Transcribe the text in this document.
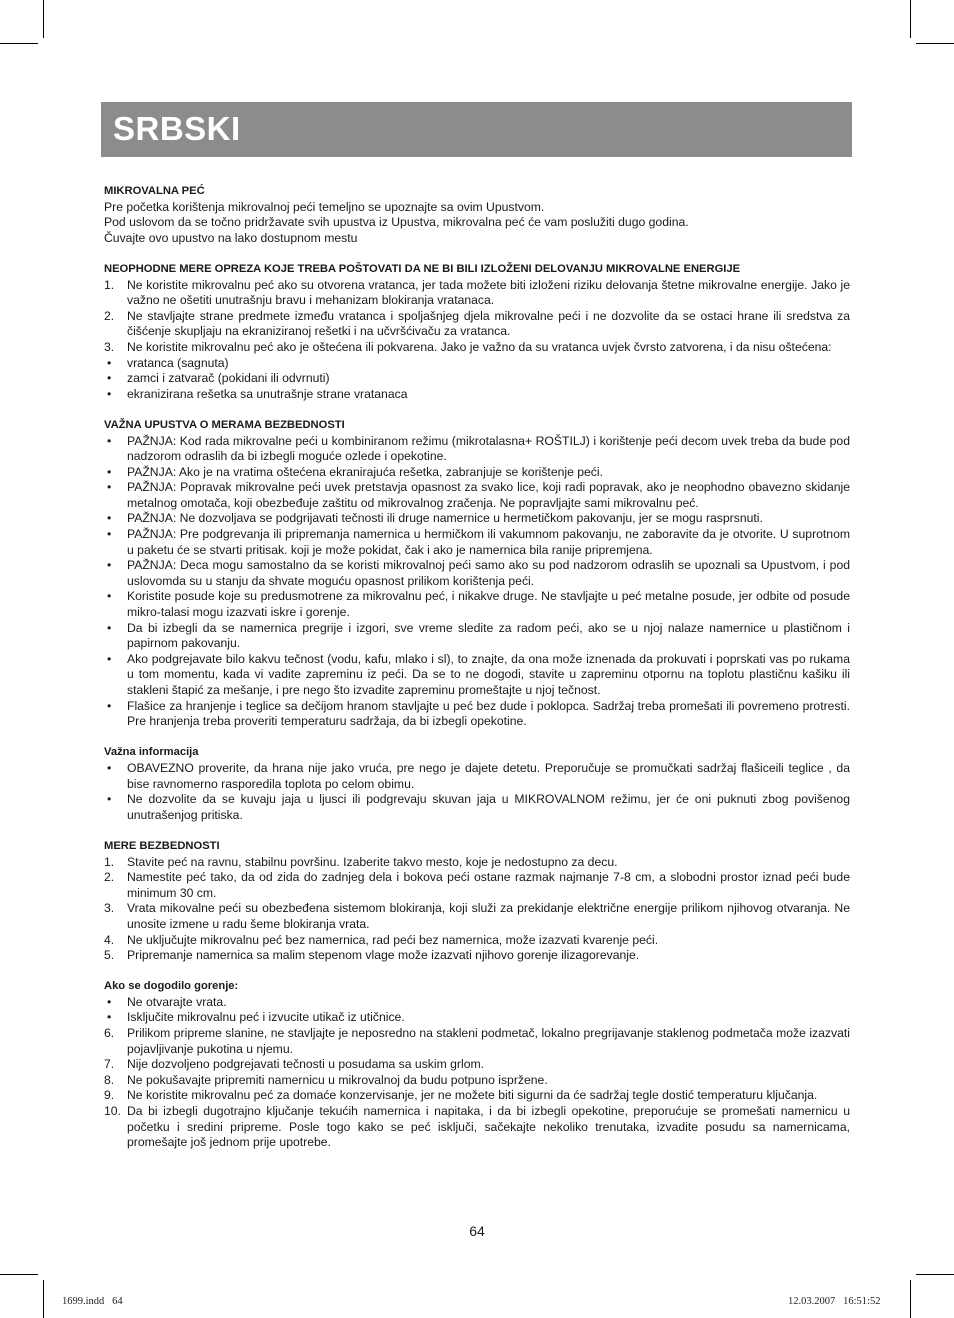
SRBSKI

MIKROVALNA PEĆ

Pre početka korištenja mikrovalnoj peći temeljno se upoznajte sa ovim Upustvom.

Pod uslovom da se točno pridržavate svih upustva iz Upustva, mikrovalna peć će vam poslužiti dugo godina.

Čuvajte ovo upustvo na lako dostupnom mestu

NEOPHODNE MERE OPREZA KOJE TREBA POŠTOVATI DA NE BI BILI IZLOŽENI DELOVANJU MIKROVALNE ENERGIJE

1. Ne koristite mikrovalnu peć ako su otvorena vratanca, jer tada možete biti izloženi riziku delovanja štetne mikrovalne energije. Jako je važno ne ošetiti unutrašnju bravu i mehanizam blokiranja vratanaca.
2. Ne stavljajte strane predmete između vratanca i spoljašnjeg djela mikrovalne peći i ne dozvolite da se ostaci hrane ili sredstva za čišćenje skupljaju na ekraniziranoj rešetki i na učvršćivaču za vratanca.
3. Ne koristite mikrovalnu peć ako je oštećena ili pokvarena. Jako je važno da su vratanca uvjek čvrsto zatvorena, i da nisu oštećena:
• vratanca (sagnuta)
• zamci i zatvarač (pokidani ili odvrnuti)
• ekranizirana rešetka sa unutrašnje strane vratanaca

VAŽNA UPUSTVA O MERAMA BEZBEDNOSTI

• PAŽNJA: Kod rada mikrovalne peći u kombiniranom režimu (mikrotalasna+ ROŠTILJ) i korištenje peći decom uvek treba da bude pod nadzorom odraslih da bi izbegli moguće ozlede i opekotine.
• PAŽNJA: Ako je na vratima oštećena ekranirajuća rešetka, zabranjuje se korištenje peći.
• PAŽNJA: Popravak mikrovalne peći uvek pretstavja opasnost za svako lice, koji radi popravak, ako je neophodno obavezno skidanje metalnog omotača, koji obezbeđuje zaštitu od mikrovalnog zračenja. Ne popravljajte sami mikrovalnu peć.
• PAŽNJA: Ne dozvoljava se podgrijavati tečnosti ili druge namernice u hermetičkom pakovanju, jer se mogu rasprsnuti.
• PAŽNJA: Pre podgrevanja ili pripremanja namernica u hermičkom ili vakumnom pakovanju, ne zaboravite da je otvorite. U suprotnom u paketu će se stvarti pritisak. koji je može pokidat, čak i ako je namernica bila ranije pripremjena.
• PAŽNJA: Deca mogu samostalno da se koristi mikrovalnoj peći samo ako su pod nadzorom odraslih se upoznali sa Upustvom, i pod uslovomda su u stanju da shvate moguću opasnost prilikom korištenja peći.
• Koristite posude koje su predusmotrene za mikrovalnu peć, i nikakve druge. Ne stavljajte u peć metalne posude, jer odbite od posude mikro-talasi mogu izazvati iskre i gorenje.
• Da bi izbegli da se namernica pregrije i izgori, sve vreme sledite za radom peći, ako se u njoj nalaze namernice u plastičnom i papirnom pakovanju.
• Ako podgrejavate bilo kakvu tečnost (vodu, kafu, mlako i sl), to znajte, da ona može iznenada da prokuvati i poprskati vas po rukama u tom momentu, kada vi vadite zapreminu iz peći. Da se to ne dogodi, stavite u zapreminu otpornu na toplotu plastičnu kašiku ili stakleni štapić za mešanje, i pre nego što izvadite zapreminu promeštajte u njoj tečnost.
• Flašice za hranjenje i teglice sa dečijom hranom stavljajte u peć bez dude i poklopca. Sadržaj treba promešati ili povremeno protresti. Pre hranjenja treba proveriti temperaturu sadržaja, da bi izbegli opekotine.

Važna informacija

• OBAVEZNO proverite, da hrana nije jako vruća, pre nego je dajete detetu. Preporučuje se promučkati sadržaj flašiceili teglice , da bise ravnomerno rasporedila toplota po celom obimu.
• Ne dozvolite da se kuvaju jaja u ljusci ili podgrevaju skuvan jaja u MIKROVALNOM režimu, jer će oni puknuti zbog povišenog unutrašenjog pritiska.

MERE BEZBEDNOSTI

1. Stavite peć na ravnu, stabilnu površinu. Izaberite takvo mesto, koje je nedostupno za decu.
2. Namestite peć tako, da od zida do zadnjeg dela i bokova peći ostane razmak najmanje 7-8 cm, a slobodni prostor iznad peći bude minimum 30 cm.
3. Vrata mikovalne peći su obezbeđena sistemom blokiranja, koji služi za prekidanje električne energije prilikom njihovog otvaranja. Ne unosite izmene u radu šeme blokiranja vrata.
4. Ne uključujte mikrovalnu peć bez namernica, rad peći bez namernica, može izazvati kvarenje peći.
5. Pripremanje namernica sa malim stepenom vlage može izazvati njihovo gorenje ilizagorevanje.

Ako se dogodilo gorenje:

• Ne otvarajte vrata.
• Isključite mikrovalnu peć i izvucite utikač iz utičnice.
6. Prilikom pripreme slanine, ne stavljajte je neposredno na stakleni podmetač, lokalno pregrijavanje staklenog podmetača može izazvati pojavljivanje pukotina u njemu.
7. Nije dozvoljeno podgrejavati tečnosti u posudama sa uskim grlom.
8. Ne pokušavajte pripremiti namernicu u mikrovalnoj da budu potpuno ispržene.
9. Ne koristite mikrovalnu peć za domaće konzervisanje, jer ne možete biti sigurni da će sadržaj tegle dostić temperaturu ključanja.
10. Da bi izbegli dugotrajno ključanje tekućih namernica i napitaka, i da bi izbegli opekotine, preporućuje se promešati namernicu u početku i sredini pripreme. Posle togo kako se peć isključi, sačekajte nekoliko trenutaka, izvadite posudu sa namernicama, promešajte još jednom prije upotrebe.
64
1699.indd   64	12.03.2007   16:51:52
